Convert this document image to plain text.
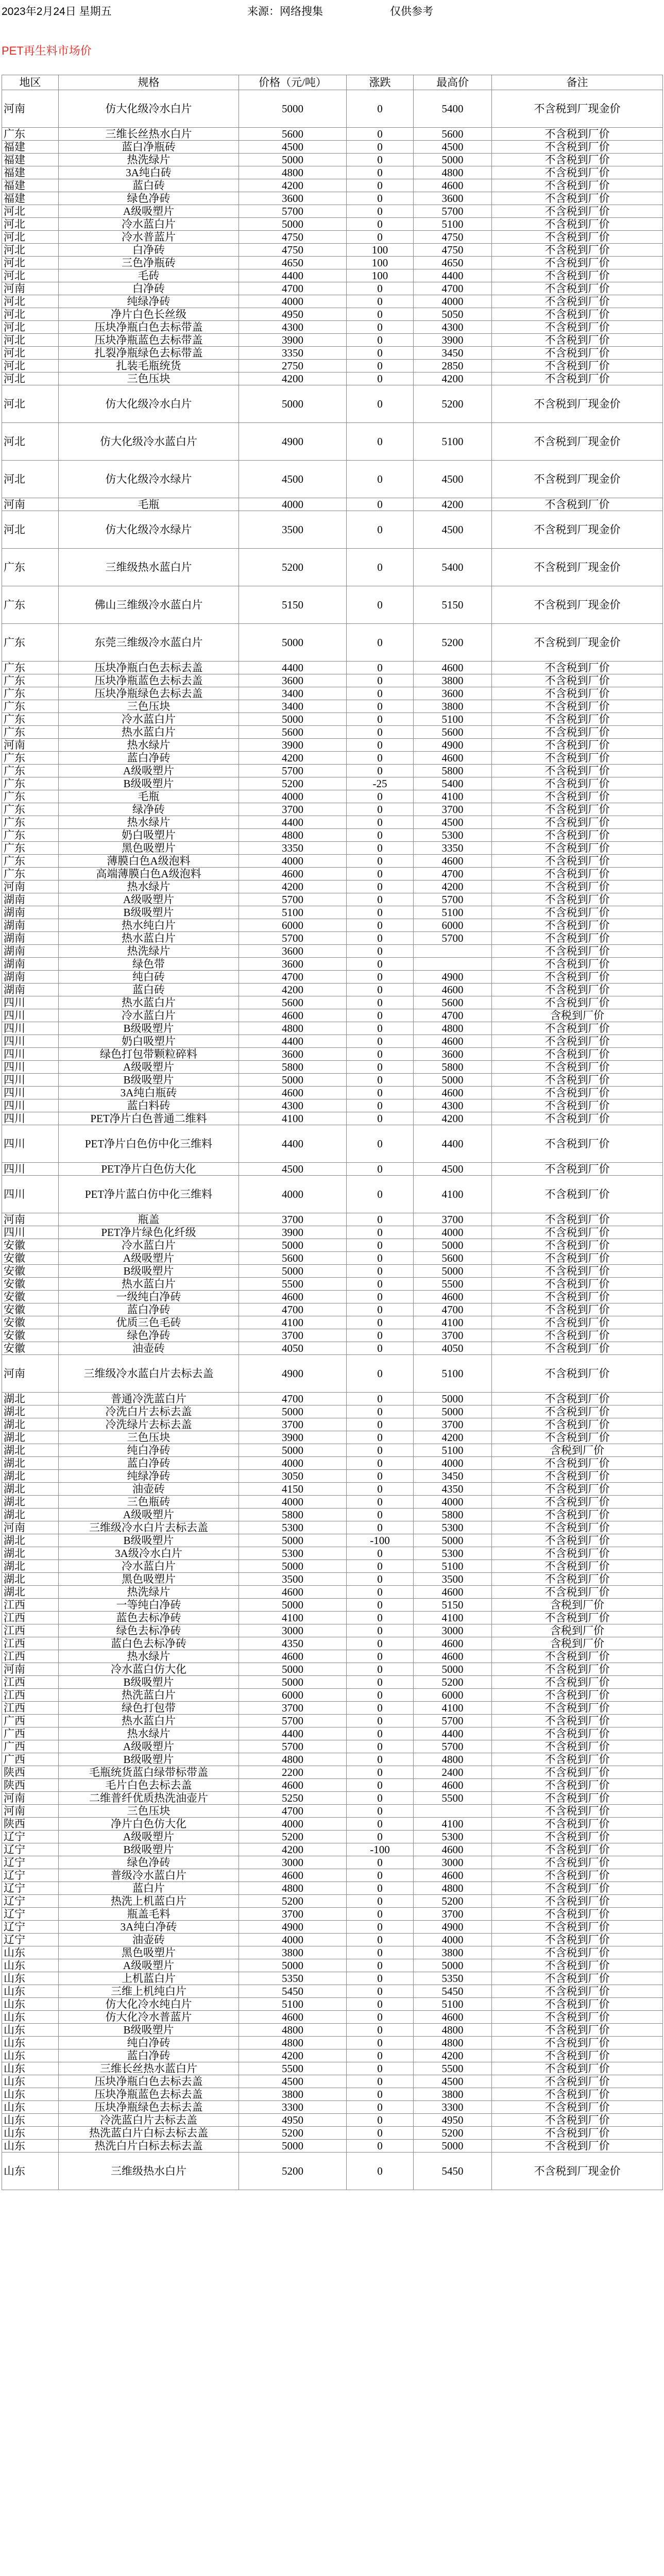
2023年2月24日 星期五	来源：网络搜集	仅供参考
PET再生料市场价
地区	规格	价格（元/吨）	涨跌	最高价	备注
河南	仿大化级冷水白片	5000	0	5400	不含税到厂现金价
广东	三维长丝热水白片	5600	0	5600	不含税到厂价
福建	蓝白净瓶砖	4500	0	4500	不含税到厂价
福建	热洗绿片	5000	0	5000	不含税到厂价
福建	3A纯白砖	4800	0	4800	不含税到厂价
福建	蓝白砖	4200	0	4600	不含税到厂价
福建	绿色净砖	3600	0	3600	不含税到厂价
河北	A级吸塑片	5700	0	5700	不含税到厂价
河北	冷水蓝白片	5000	0	5100	不含税到厂价
河北	冷水普蓝片	4750	0	4750	不含税到厂价
河北	白净砖	4750	100	4750	不含税到厂价
河北	三色净瓶砖	4650	100	4650	不含税到厂价
河北	毛砖	4400	100	4400	不含税到厂价
河南	白净砖	4700	0	4700	不含税到厂价
河北	纯绿净砖	4000	0	4000	不含税到厂价
河北	净片白色长丝级	4950	0	5050	不含税到厂价
河北	压块净瓶白色去标带盖	4300	0	4300	不含税到厂价
河北	压块净瓶蓝色去标带盖	3900	0	3900	不含税到厂价
河北	扎裂净瓶绿色去标带盖	3350	0	3450	不含税到厂价
河北	扎装毛瓶统货	2750	0	2850	不含税到厂价
河北	三色压块	4200	0	4200	不含税到厂价
河北	仿大化级冷水白片	5000	0	5200	不含税到厂现金价
河北	仿大化级冷水蓝白片	4900	0	5100	不含税到厂现金价
河北	仿大化级冷水绿片	4500	0	4500	不含税到厂现金价
河南	毛瓶	4000	0	4200	不含税到厂价
河北	仿大化级冷水绿片	3500	0	4500	不含税到厂现金价
广东	三维级热水蓝白片	5200	0	5400	不含税到厂现金价
广东	佛山三维级冷水蓝白片	5150	0	5150	不含税到厂现金价
广东	东莞三维级冷水蓝白片	5000	0	5200	不含税到厂现金价
广东	压块净瓶白色去标去盖	4400	0	4600	不含税到厂价
广东	压块净瓶蓝色去标去盖	3600	0	3800	不含税到厂价
广东	压块净瓶绿色去标去盖	3400	0	3600	不含税到厂价
广东	三色压块	3400	0	3800	不含税到厂价
广东	冷水蓝白片	5000	0	5100	不含税到厂价
广东	热水蓝白片	5600	0	5600	不含税到厂价
河南	热水绿片	3900	0	4900	不含税到厂价
广东	蓝白净砖	4200	0	4600	不含税到厂价
广东	A级吸塑片	5700	0	5800	不含税到厂价
广东	B级吸塑片	5200	-25	5400	不含税到厂价
广东	毛瓶	4000	0	4100	不含税到厂价
广东	绿净砖	3700	0	3700	不含税到厂价
广东	热水绿片	4400	0	4500	不含税到厂价
广东	奶白吸塑片	4800	0	5300	不含税到厂价
广东	黑色吸塑片	3350	0	3350	不含税到厂价
广东	薄膜白色A级泡料	4000	0	4600	不含税到厂价
广东	高端薄膜白色A级泡料	4600	0	4700	不含税到厂价
河南	热水绿片	4200	0	4200	不含税到厂价
湖南	A级吸塑片	5700	0	5700	不含税到厂价
湖南	B级吸塑片	5100	0	5100	不含税到厂价
湖南	热水纯白片	6000	0	6000	不含税到厂价
湖南	热水蓝白片	5700	0	5700	不含税到厂价
湖南	热洗绿片	3600	0		不含税到厂价
湖南	绿色带	3600	0		不含税到厂价
湖南	纯白砖	4700	0	4900	不含税到厂价
湖南	蓝白砖	4200	0	4600	不含税到厂价
四川	热水蓝白片	5600	0	5600	不含税到厂价
四川	冷水蓝白片	4600	0	4700	含税到厂价
四川	B级吸塑片	4800	0	4800	不含税到厂价
四川	奶白吸塑片	4400	0	4600	不含税到厂价
四川	绿色打包带颗粒碎料	3600	0	3600	不含税到厂价
四川	A级吸塑片	5800	0	5800	不含税到厂价
四川	B级吸塑片	5000	0	5000	不含税到厂价
四川	3A纯白瓶砖	4600	0	4600	不含税到厂价
四川	蓝白料砖	4300	0	4300	不含税到厂价
四川	PET净片白色普通二维料	4100	0	4200	不含税到厂价
四川	PET净片白色仿中化三维料	4400	0	4400	不含税到厂价
四川	PET净片白色仿大化	4500	0	4500	不含税到厂价
四川	PET净片蓝白仿中化三维料	4000	0	4100	不含税到厂价
河南	瓶盖	3700	0	3700	不含税到厂价
四川	PET净片绿色化纤级	3900	0	4000	不含税到厂价
安徽	冷水蓝白片	5000	0	5000	不含税到厂价
安徽	A级吸塑片	5600	0	5600	不含税到厂价
安徽	B级吸塑片	5000	0	5000	不含税到厂价
安徽	热水蓝白片	5500	0	5500	不含税到厂价
安徽	一级纯白净砖	4600	0	4600	不含税到厂价
安徽	蓝白净砖	4700	0	4700	不含税到厂价
安徽	优质三色毛砖	4100	0	4100	不含税到厂价
安徽	绿色净砖	3700	0	3700	不含税到厂价
安徽	油壶砖	4050	0	4050	不含税到厂价
河南	三维级冷水蓝白片去标去盖	4900	0	5100	不含税到厂价
湖北	普通冷洗蓝白片	4700	0	5000	不含税到厂价
湖北	冷洗白片去标去盖	5000	0	5000	不含税到厂价
湖北	冷洗绿片去标去盖	3700	0	3700	不含税到厂价
湖北	三色压块	3900	0	4200	不含税到厂价
湖北	纯白净砖	5000	0	5100	含税到厂价
湖北	蓝白净砖	4000	0	4000	不含税到厂价
湖北	纯绿净砖	3050	0	3450	不含税到厂价
湖北	油壶砖	4150	0	4350	不含税到厂价
湖北	三色瓶砖	4000	0	4000	不含税到厂价
湖北	A级吸塑片	5800	0	5800	不含税到厂价
河南	三维级冷水白片去标去盖	5300	0	5300	不含税到厂价
湖北	B级吸塑片	5000	-100	5000	不含税到厂价
湖北	3A级冷水白片	5300	0	5300	不含税到厂价
湖北	冷水蓝白片	5000	0	5100	不含税到厂价
湖北	黑色吸塑片	3500	0	3500	不含税到厂价
湖北	热洗绿片	4600	0	4600	不含税到厂价
江西	一等纯白净砖	5000	0	5150	含税到厂价
江西	蓝色去标净砖	4100	0	4100	不含税到厂价
江西	绿色去标净砖	3000	0	3000	含税到厂价
江西	蓝白色去标净砖	4350	0	4600	含税到厂价
江西	热水绿片	4600	0	4600	不含税到厂价
河南	冷水蓝白仿大化	5000	0	5000	不含税到厂价
江西	B级吸塑片	5000	0	5200	不含税到厂价
江西	热洗蓝白片	6000	0	6000	不含税到厂价
江西	绿色打包带	3700	0	4100	不含税到厂价
广西	热水蓝白片	5700	0	5700	不含税到厂价
广西	热水绿片	4400	0	4400	不含税到厂价
广西	A级吸塑片	5700	0	5700	不含税到厂价
广西	B级吸塑片	4800	0	4800	不含税到厂价
陕西	毛瓶统货蓝白绿带标带盖	2200	0	2400	不含税到厂价
陕西	毛片白色去标去盖	4600	0	4600	不含税到厂价
河南	二维普纤优质热洗油壶片	5250	0	5500	不含税到厂价
河南	三色压块	4700	0		不含税到厂价
陕西	净片白色仿大化	4000	0	4100	不含税到厂价
辽宁	A级吸塑片	5200	0	5300	不含税到厂价
辽宁	B级吸塑片	4200	-100	4600	不含税到厂价
辽宁	绿色净砖	3000	0	3000	不含税到厂价
辽宁	普级冷水蓝白片	4600	0	4600	不含税到厂价
辽宁	蓝白片	4800	0	4800	不含税到厂价
辽宁	热洗上机蓝白片	5200	0	5200	不含税到厂价
辽宁	瓶盖毛料	3700	0	3700	不含税到厂价
辽宁	3A纯白净砖	4900	0	4900	不含税到厂价
辽宁	油壶砖	4000	0	4000	不含税到厂价
山东	黑色吸塑片	3800	0	3800	不含税到厂价
山东	A级吸塑片	5000	0	5000	不含税到厂价
山东	上机蓝白片	5350	0	5350	不含税到厂价
山东	三维上机纯白片	5450	0	5450	不含税到厂价
山东	仿大化冷水纯白片	5100	0	5100	不含税到厂价
山东	仿大化冷水普蓝片	4600	0	4600	不含税到厂价
山东	B级吸塑片	4800	0	4800	不含税到厂价
山东	纯白净砖	4800	0	4800	不含税到厂价
山东	蓝白净砖	4200	0	4200	不含税到厂价
山东	三维长丝热水蓝白片	5500	0	5500	不含税到厂价
山东	压块净瓶白色去标去盖	4500	0	4500	不含税到厂价
山东	压块净瓶蓝色去标去盖	3800	0	3800	不含税到厂价
山东	压块净瓶绿色去标去盖	3300	0	3300	不含税到厂价
山东	冷洗蓝白片去标去盖	4950	0	4950	不含税到厂价
山东	热洗蓝白片白标去标去盖	5200	0	5200	不含税到厂价
山东	热洗白片白标去标去盖	5000	0	5000	不含税到厂价
山东	三维级热水白片	5200	0	5450	不含税到厂现金价
